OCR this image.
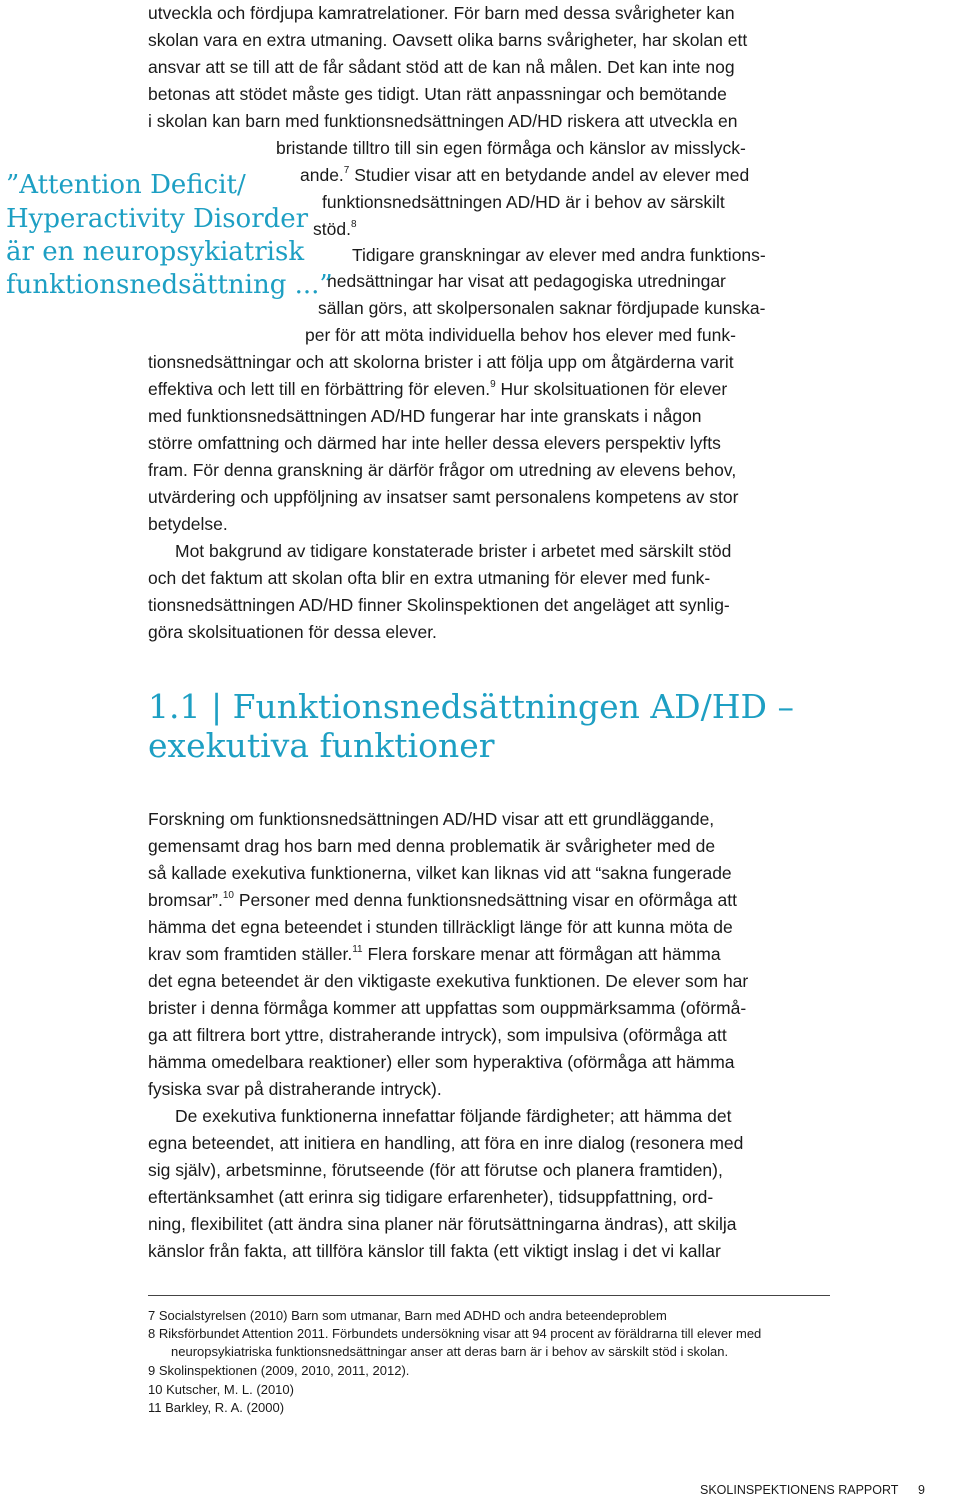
utveckla och fördjupa kamratrelationer. För barn med dessa svårigheter kan

skolan vara en extra utmaning. Oavsett olika barns svårigheter, har skolan ett

ansvar att se till att de får sådant stöd att de kan nå målen. Det kan inte nog

betonas att stödet måste ges tidigt. Utan rätt anpassningar och bemötande

i skolan kan barn med funktionsnedsättningen AD/HD riskera att utveckla en

bristande tilltro till sin egen förmåga och känslor av misslyck-

ande.$^7$ Studier visar att en betydande andel av elever med

funktionsnedsättningen AD/HD är i behov av särskilt

stöd.$^8$

Tidigare granskningar av elever med andra funktions-

nedsättningar har visat att pedagogiska utredningar

sällan görs, att skolpersonalen saknar fördjupade kunska-

per för att möta individuella behov hos elever med funk-

”Attention Deficit/

Hyperactivity Disorder

är en neuropsykiatrisk

funktionsnedsättning ...”

tionsnedsättningar och att skolorna brister i att följa upp om åtgärderna varit

effektiva och lett till en förbättring för eleven.$^9$ Hur skolsituationen för elever

med funktionsnedsättningen AD/HD fungerar har inte granskats i någon

större omfattning och därmed har inte heller dessa elevers perspektiv lyfts

fram. För denna granskning är därför frågor om utredning av elevens behov,

utvärdering och uppföljning av insatser samt personalens kompetens av stor

betydelse.

Mot bakgrund av tidigare konstaterade brister i arbetet med särskilt stöd

och det faktum att skolan ofta blir en extra utmaning för elever med funk-

tionsnedsättningen AD/HD finner Skolinspektionen det angeläget att synlig-

göra skolsituationen för dessa elever.

1.1 | Funktionsnedsättningen AD/HD –
exekutiva funktioner

Forskning om funktionsnedsättningen AD/HD visar att ett grundläggande,

gemensamt drag hos barn med denna problematik är svårigheter med de

så kallade exekutiva funktionerna, vilket kan liknas vid att “sakna fungerade

bromsar”.$^{10}$ Personer med denna funktionsnedsättning visar en oförmåga att

hämma det egna beteendet i stunden tillräckligt länge för att kunna möta de

krav som framtiden ställer.$^{11}$ Flera forskare menar att förmågan att hämma

det egna beteendet är den viktigaste exekutiva funktionen. De elever som har

brister i denna förmåga kommer att uppfattas som ouppmärksamma (oförmå-

ga att filtrera bort yttre, distraherande intryck), som impulsiva (oförmåga att

hämma omedelbara reaktioner) eller som hyperaktiva (oförmåga att hämma

fysiska svar på distraherande intryck).

De exekutiva funktionerna innefattar följande färdigheter; att hämma det

egna beteendet, att initiera en handling, att föra en inre dialog (resonera med

sig själv), arbetsminne, förutseende (för att förutse och planera framtiden),

eftertänksamhet (att erinra sig tidigare erfarenheter), tidsuppfattning, ord-

ning, flexibilitet (att ändra sina planer när förutsättningarna ändras), att skilja

känslor från fakta, att tillföra känslor till fakta (ett viktigt inslag i det vi kallar

7 Socialstyrelsen (2010) Barn som utmanar, Barn med ADHD och andra beteendeproblem

8 Riksförbundet Attention 2011. Förbundets undersökning visar att 94 procent av föräldrarna till elever med

neuropsykiatriska funktionsnedsättningar anser att deras barn är i behov av särskilt stöd i skolan.

9 Skolinspektionen (2009, 2010, 2011, 2012).

10 Kutscher, M. L. (2010)

11 Barkley, R. A. (2000)

SKOLINSPEKTIONENS RAPPORT 9
